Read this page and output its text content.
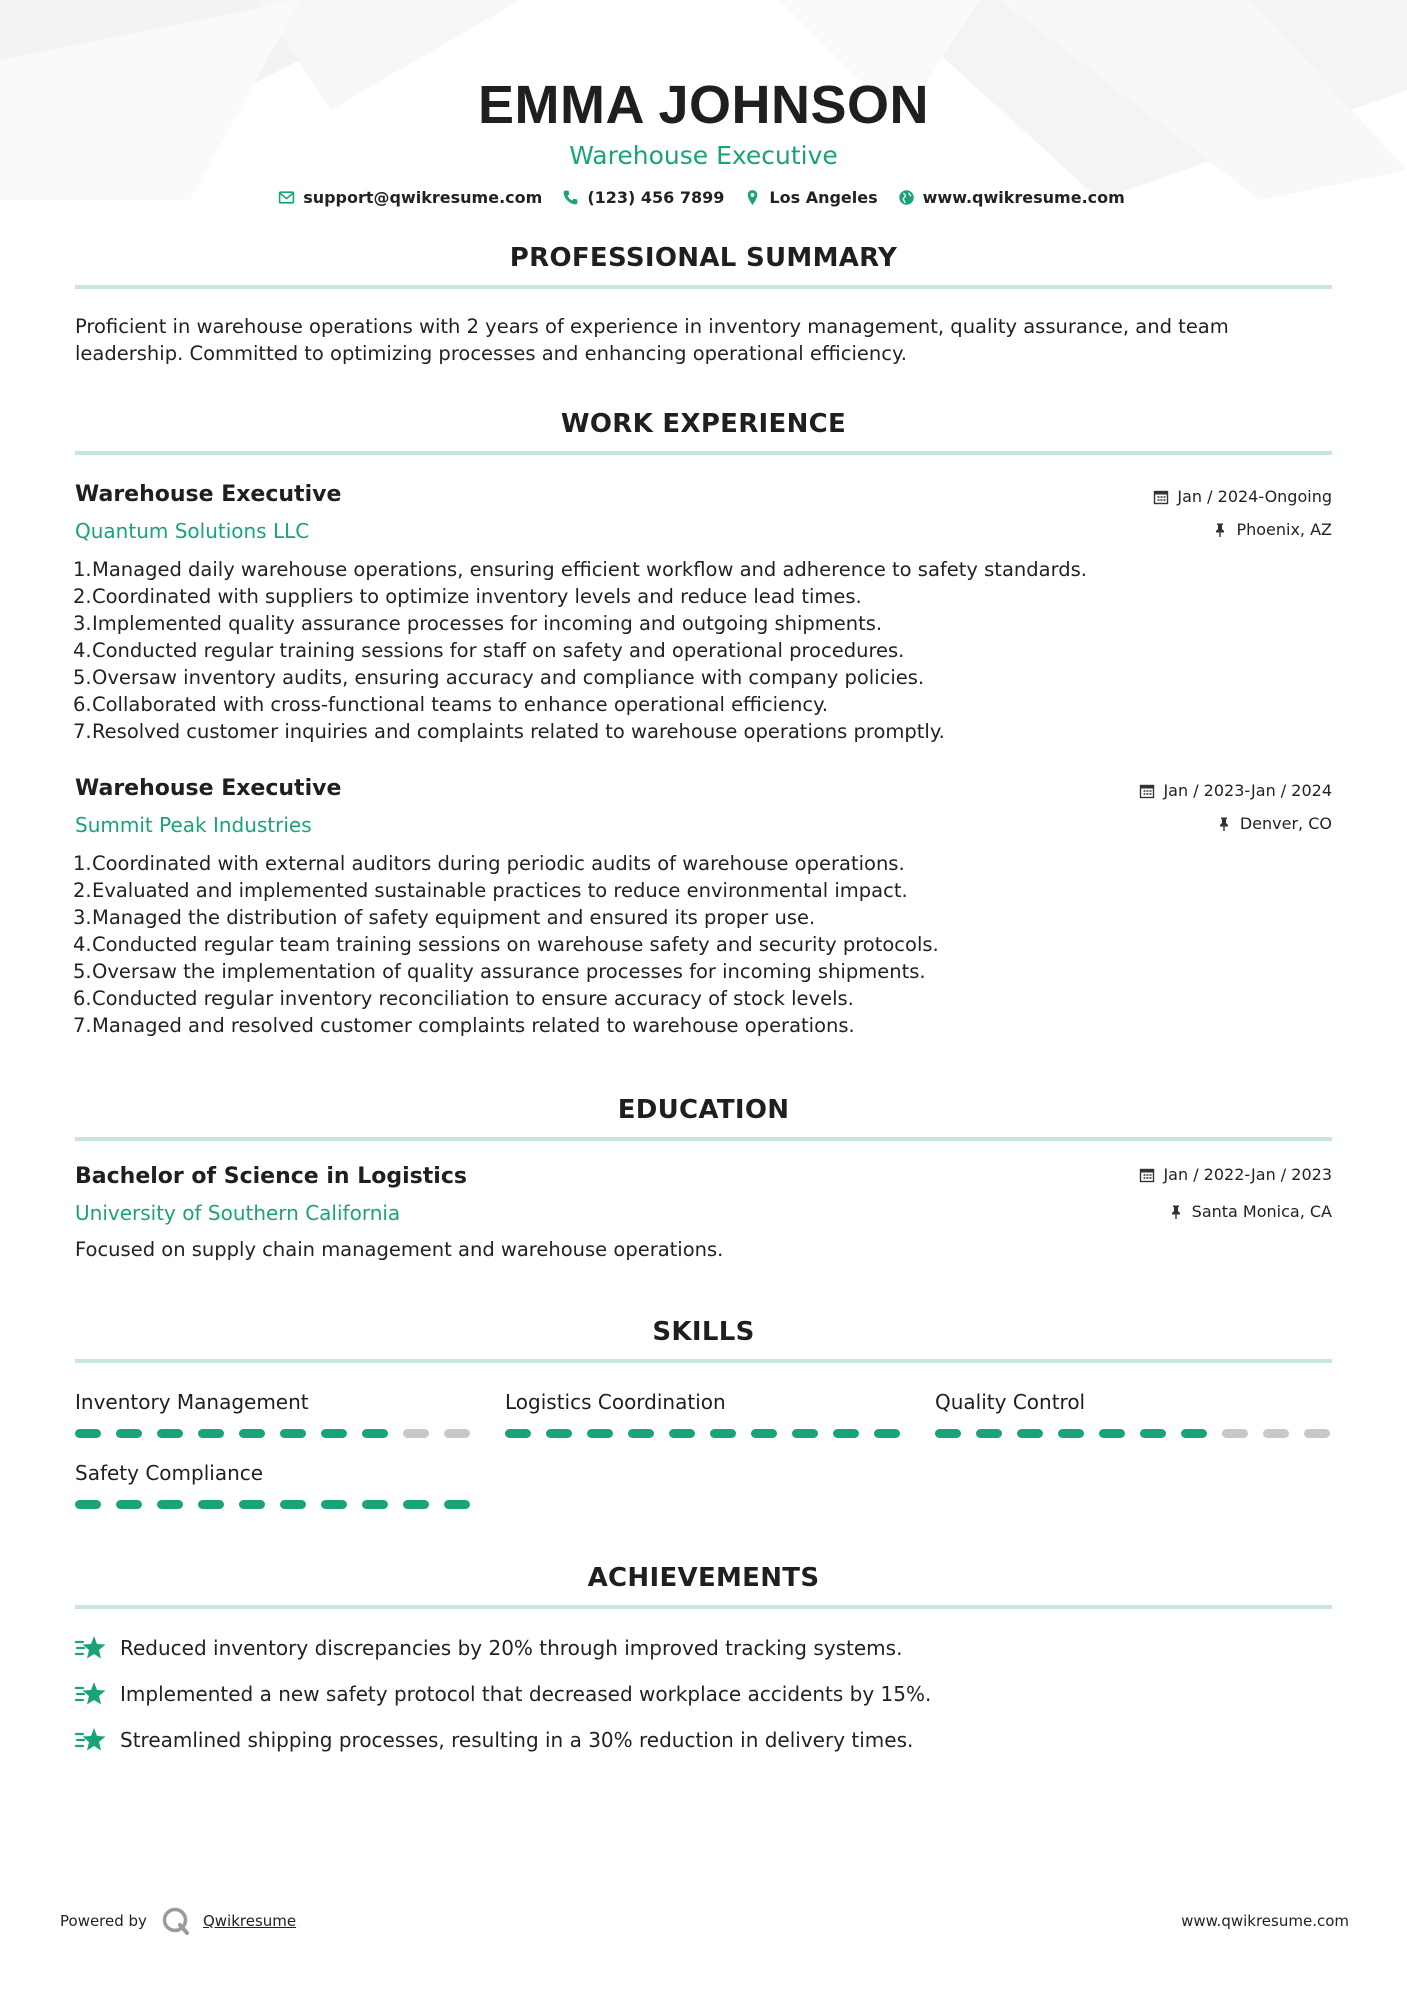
EMMA JOHNSON
Warehouse Executive
support@qwikresume.com	(123) 456 7899	Los Angeles	www.qwikresume.com
PROFESSIONAL SUMMARY

Proficient in warehouse operations with 2 years of experience in inventory management, quality assurance, and team leadership. Committed to optimizing processes and enhancing operational efficiency.

WORK EXPERIENCE
Warehouse Executive
Quantum Solutions LLC
Jan / 2024-Ongoing
Phoenix, AZ
1. Managed daily warehouse operations, ensuring efficient workflow and adherence to safety standards.
2. Coordinated with suppliers to optimize inventory levels and reduce lead times.
3. Implemented quality assurance processes for incoming and outgoing shipments.
4. Conducted regular training sessions for staff on safety and operational procedures.
5. Oversaw inventory audits, ensuring accuracy and compliance with company policies.
6. Collaborated with cross-functional teams to enhance operational efficiency.
7. Resolved customer inquiries and complaints related to warehouse operations promptly.
Warehouse Executive
Summit Peak Industries
Jan / 2023-Jan / 2024
Denver, CO
1. Coordinated with external auditors during periodic audits of warehouse operations.
2. Evaluated and implemented sustainable practices to reduce environmental impact.
3. Managed the distribution of safety equipment and ensured its proper use.
4. Conducted regular team training sessions on warehouse safety and security protocols.
5. Oversaw the implementation of quality assurance processes for incoming shipments.
6. Conducted regular inventory reconciliation to ensure accuracy of stock levels.
7. Managed and resolved customer complaints related to warehouse operations.
EDUCATION
Bachelor of Science in Logistics
University of Southern California
Jan / 2022-Jan / 2023
Santa Monica, CA

Focused on supply chain management and warehouse operations.

SKILLS
Inventory Management	Logistics Coordination	Quality Control
Safety Compliance
ACHIEVEMENTS
Reduced inventory discrepancies by 20% through improved tracking systems.
Implemented a new safety protocol that decreased workplace accidents by 15%.
Streamlined shipping processes, resulting in a 30% reduction in delivery times.
Powered by	Qwikresume	www.qwikresume.com
